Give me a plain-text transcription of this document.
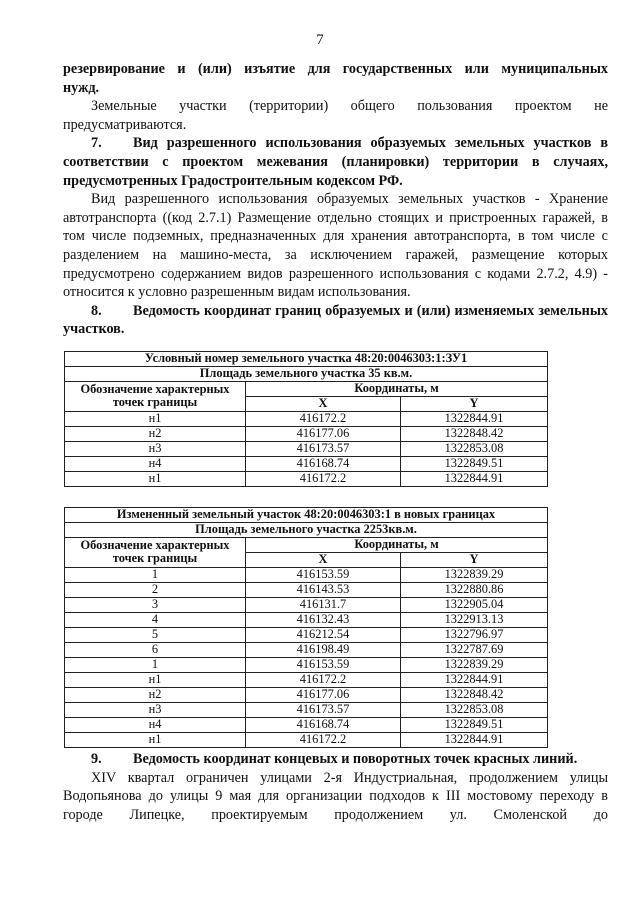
7

резервирование и (или) изъятие для государственных или муниципальных

нужд.

Земельные участки (территории) общего пользования проектом не предусматриваются.

7. Вид разрешенного использования образуемых земельных участков в соответствии с проектом межевания (планировки) территории в случаях, предусмотренных Градостроительным кодексом РФ.

Вид разрешенного использования образуемых земельных участков - Хранение автотранспорта ((код 2.7.1) Размещение отдельно стоящих и пристроенных гаражей, в том числе подземных, предназначенных для хранения автотранспорта, в том числе с разделением на машино-места, за исключением гаражей, размещение которых предусмотрено содержанием видов разрешенного использования с кодами 2.7.2, 4.9) - относится к условно разрешенным видам использования.

8. Ведомость координат границ образуемых и (или) изменяемых земельных участков.

Условный номер земельного участка 48:20:0046303:1:ЗУ1		
Площадь земельного участка 35 кв.м.		
Обозначение характерных точек границы	Координаты, м	
	X	Y
н1	416172.2	1322844.91
н2	416177.06	1322848.42
н3	416173.57	1322853.08
н4	416168.74	1322849.51
н1	416172.2	1322844.91
Измененный земельный участок 48:20:0046303:1 в новых границах		
Площадь земельного участка 2253кв.м.		
Обозначение характерных точек границы	Координаты, м	
	X	Y
1	416153.59	1322839.29
2	416143.53	1322880.86
3	416131.7	1322905.04
4	416132.43	1322913.13
5	416212.54	1322796.97
6	416198.49	1322787.69
1	416153.59	1322839.29
н1	416172.2	1322844.91
н2	416177.06	1322848.42
н3	416173.57	1322853.08
н4	416168.74	1322849.51
н1	416172.2	1322844.91

9. Ведомость координат концевых и поворотных точек красных линий.

XIV квартал ограничен улицами 2-я Индустриальная, продолжением улицы Водопьянова до улицы 9 мая для организации подходов к III мостовому переходу в городе Липецке, проектируемым продолжением ул. Смоленской до
